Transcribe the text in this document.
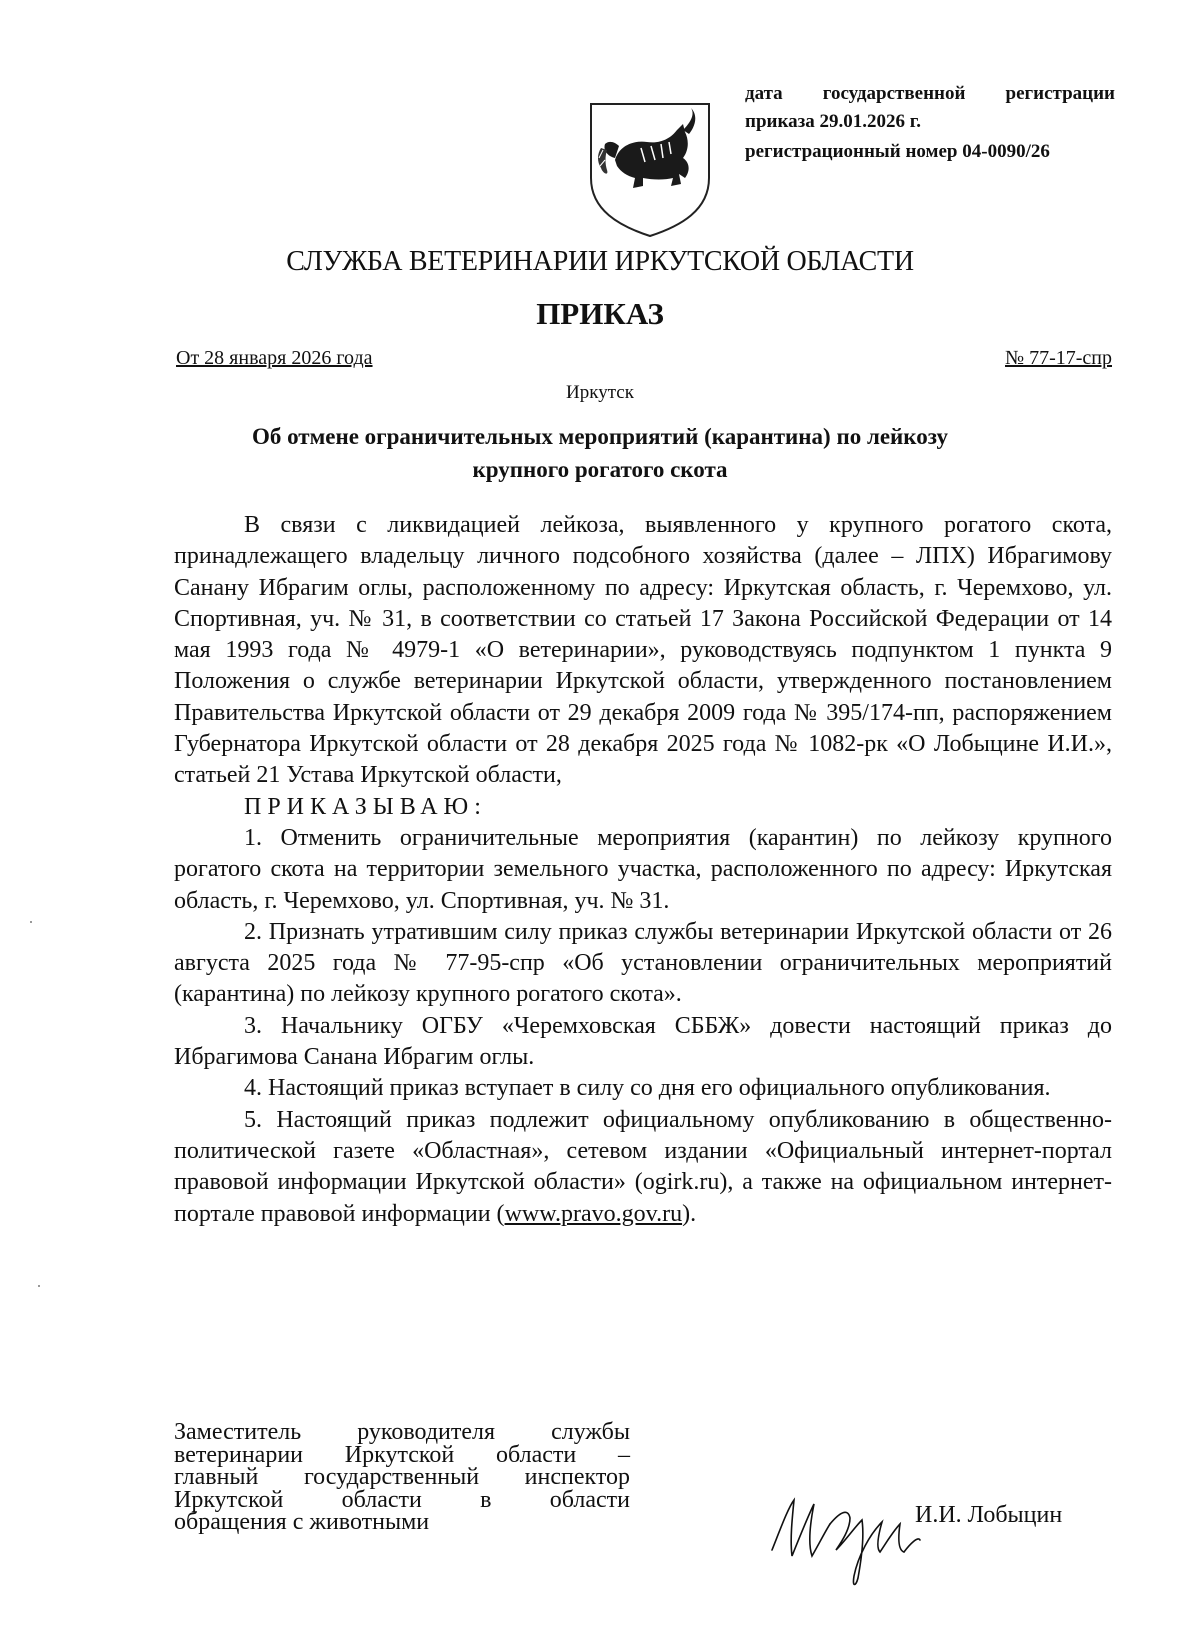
дата государственной регистрации приказа 29.01.2026 г.
регистрационный номер 04-0090/26
СЛУЖБА ВЕТЕРИНАРИИ ИРКУТСКОЙ ОБЛАСТИ
ПРИКАЗ
От 28 января 2026 года	№ 77-17-спр
Иркутск
Об отмене ограничительных мероприятий (карантина) по лейкозу
крупного рогатого скота

В связи с ликвидацией лейкоза, выявленного у крупного рогатого скота, принадлежащего владельцу личного подсобного хозяйства (далее – ЛПХ) Ибрагимову Санану Ибрагим оглы, расположенному по адресу: Иркутская область, г. Черемхово, ул. Спортивная, уч. № 31, в соответствии со статьей 17 Закона Российской Федерации от 14 мая 1993 года № 4979-1 «О ветеринарии», руководствуясь подпунктом 1 пункта 9 Положения о службе ветеринарии Иркутской области, утвержденного постановлением Правительства Иркутской области от 29 декабря 2009 года № 395/174-пп, распоряжением Губернатора Иркутской области от 28 декабря 2025 года № 1082-рк «О Лобыцине И.И.», статьей 21 Устава Иркутской области,

ПРИКАЗЫВАЮ:

1. Отменить ограничительные мероприятия (карантин) по лейкозу крупного рогатого скота на территории земельного участка, расположенного по адресу: Иркутская область, г. Черемхово, ул. Спортивная, уч. № 31.

2. Признать утратившим силу приказ службы ветеринарии Иркутской области от 26 августа 2025 года № 77-95-спр «Об установлении ограничительных мероприятий (карантина) по лейкозу крупного рогатого скота».

3. Начальнику ОГБУ «Черемховская СББЖ» довести настоящий приказ до Ибрагимова Санана Ибрагим оглы.

4. Настоящий приказ вступает в силу со дня его официального опубликования.

5. Настоящий приказ подлежит официальному опубликованию в общественно-политической газете «Областная», сетевом издании «Официальный интернет-портал правовой информации Иркутской области» (ogirk.ru), а также на официальном интернет-портале правовой информации (www.pravo.gov.ru).

Заместитель руководителя службы
ветеринарии Иркутской области –
главный государственный инспектор
Иркутской области в области
обращения с животными	И.И. Лобыцин
